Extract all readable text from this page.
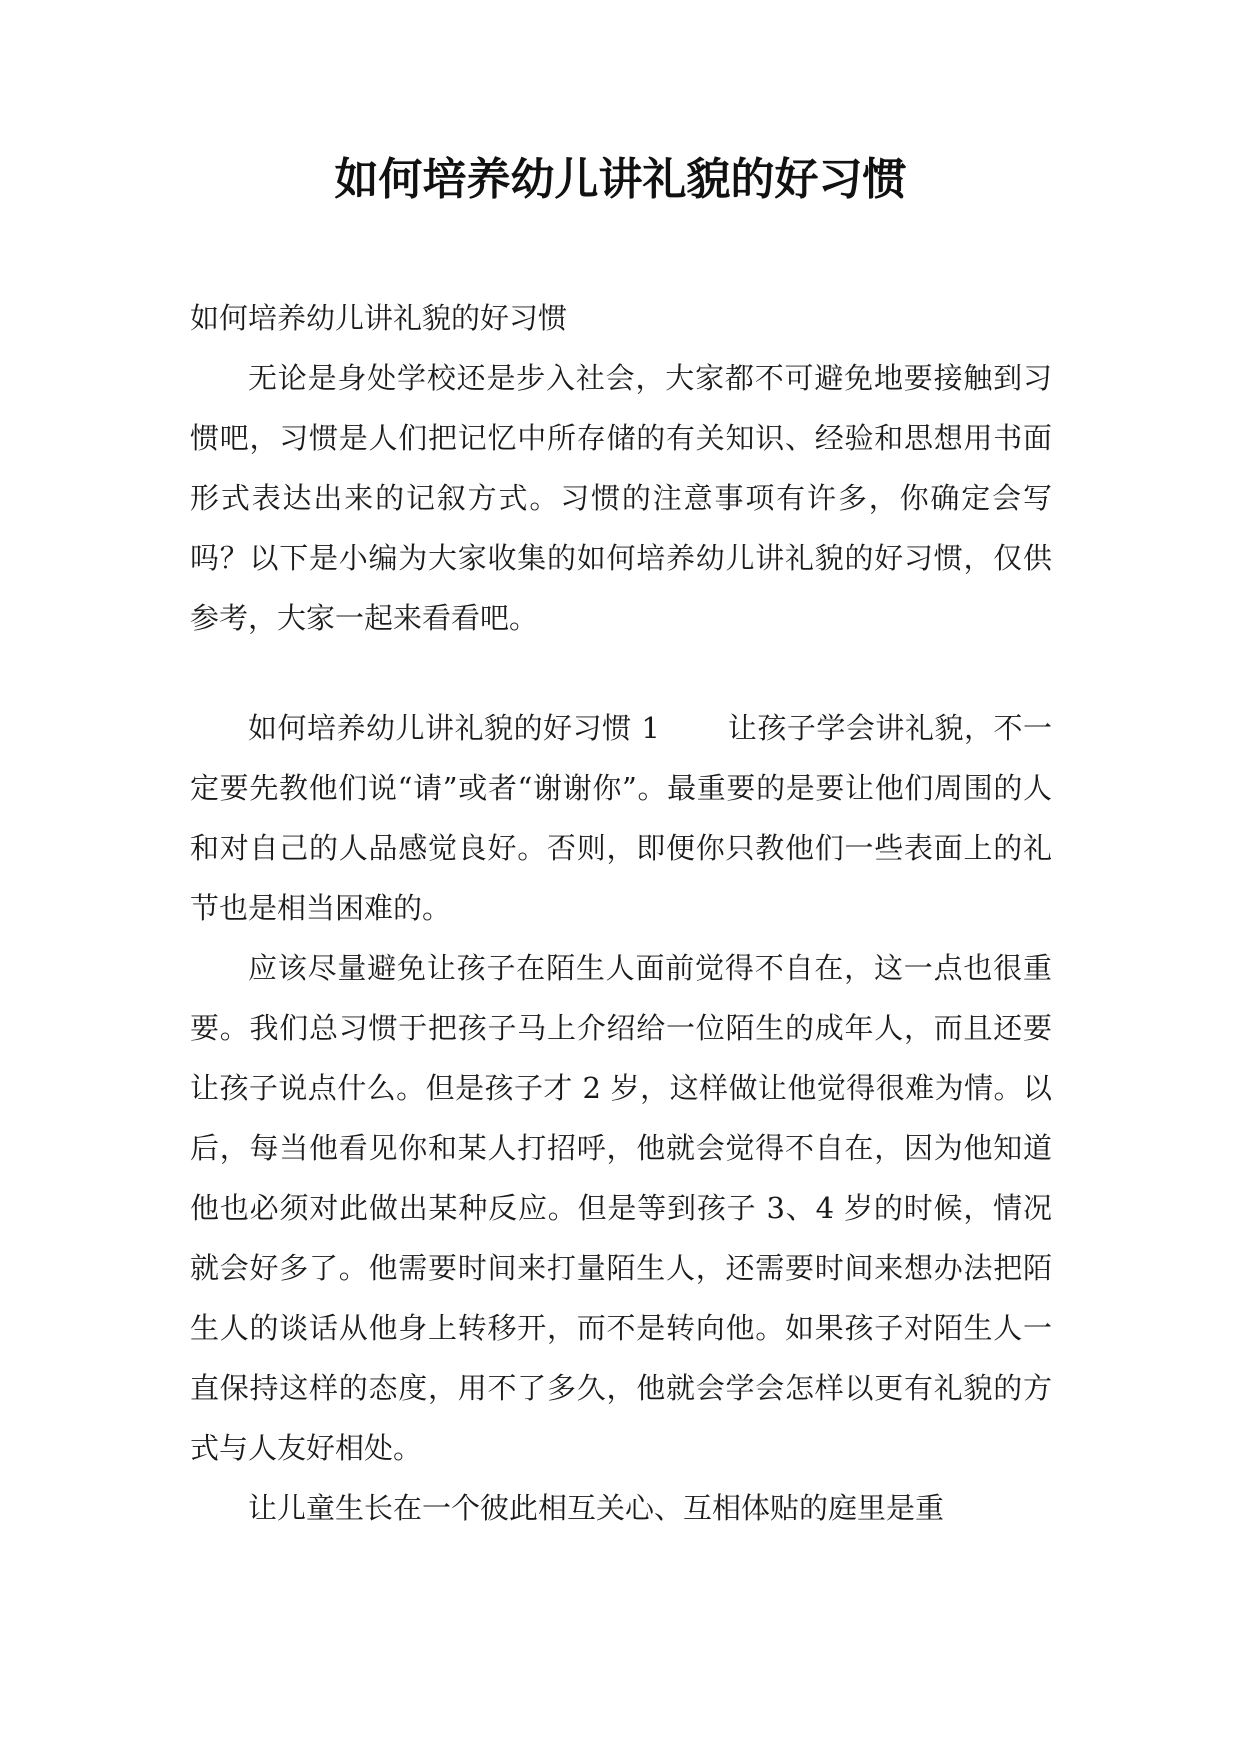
如何培养幼儿讲礼貌的好习惯

如何培养幼儿讲礼貌的好习惯

无论是身处学校还是步入社会，大家都不可避免地要接触到习惯吧，习惯是人们把记忆中所存储的有关知识、经验和思想用书面形式表达出来的记叙方式。习惯的注意事项有许多，你确定会写吗？以下是小编为大家收集的如何培养幼儿讲礼貌的好习惯，仅供参考，大家一起来看看吧。

如何培养幼儿讲礼貌的好习惯 1 让孩子学会讲礼貌，不一定要先教他们说“请”或者“谢谢你”。最重要的是要让他们周围的人和对自己的人品感觉良好。否则，即便你只教他们一些表面上的礼节也是相当困难的。

应该尽量避免让孩子在陌生人面前觉得不自在，这一点也很重要。我们总习惯于把孩子马上介绍给一位陌生的成年人，而且还要让孩子说点什么。但是孩子才 2 岁，这样做让他觉得很难为情。以后，每当他看见你和某人打招呼，他就会觉得不自在，因为他知道他也必须对此做出某种反应。但是等到孩子 3、4 岁的时候，情况就会好多了。他需要时间来打量陌生人，还需要时间来想办法把陌生人的谈话从他身上转移开，而不是转向他。如果孩子对陌生人一直保持这样的态度，用不了多久，他就会学会怎样以更有礼貌的方式与人友好相处。

让儿童生长在一个彼此相互关心、互相体贴的庭里是重
